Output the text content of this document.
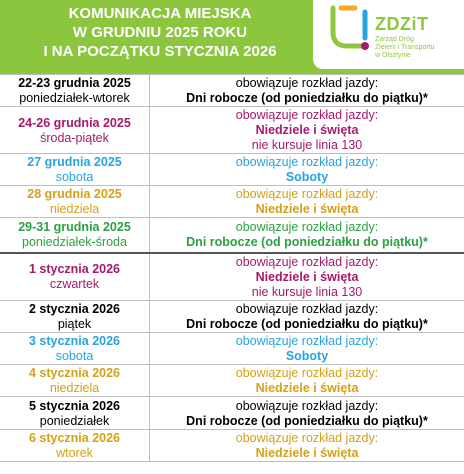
KOMUNIKACJA MIEJSKA
W GRUDNIU 2025 ROKU
I NA POCZĄTKU STYCZNIA 2026
ZDZiT
Zarząd Dróg
Zieleni i Transportu
w Olsztynie
22-23 grudnia 2025
poniedziałek-wtorek	obowiązuje rozkład jazdy:
Dni robocze (od poniedziałku do piątku)*

24-26 grudnia 2025
środa-piątek	obowiązuje rozkład jazdy:
Niedziele i święta
nie kursuje linia 130

27 grudnia 2025
sobota	obowiązuje rozkład jazdy:
Soboty

28 grudnia 2025
niedziela	obowiązuje rozkład jazdy:
Niedziele i święta

29-31 grudnia 2025
poniedziałek-środa	obowiązuje rozkład jazdy:
Dni robocze (od poniedziałku do piątku)*

1 stycznia 2026
czwartek	obowiązuje rozkład jazdy:
Niedziele i święta
nie kursuje linia 130

2 stycznia 2026
piątek	obowiązuje rozkład jazdy:
Dni robocze (od poniedziałku do piątku)*

3 stycznia 2026
sobota	obowiązuje rozkład jazdy:
Soboty

4 stycznia 2026
niedziela	obowiązuje rozkład jazdy:
Niedziele i święta

5 stycznia 2026
poniedziałek	obowiązuje rozkład jazdy:
Dni robocze (od poniedziałku do piątku)*

6 stycznia 2026
wtorek	obowiązuje rozkład jazdy:
Niedziele i święta
